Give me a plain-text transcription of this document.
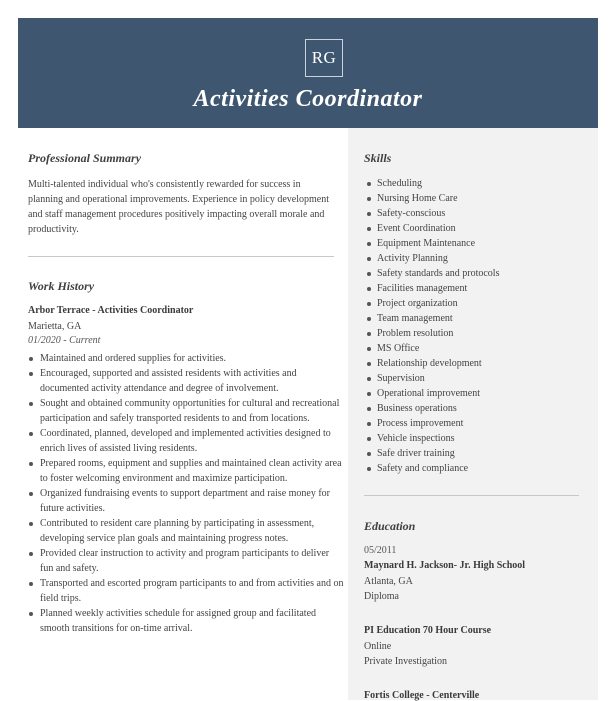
RG
Activities Coordinator
Professional Summary
Multi-talented individual who's consistently rewarded for success in planning and operational improvements. Experience in policy development and staff management procedures positively impacting overall morale and productivity.
Work History
Arbor Terrace - Activities Coordinator
Marietta, GA
01/2020 - Current
Maintained and ordered supplies for activities.
Encouraged, supported and assisted residents with activities and documented activity attendance and degree of involvement.
Sought and obtained community opportunities for cultural and recreational participation and safely transported residents to and from locations.
Coordinated, planned, developed and implemented activities designed to enrich lives of assisted living residents.
Prepared rooms, equipment and supplies and maintained clean activity area to foster welcoming environment and maximize participation.
Organized fundraising events to support department and raise money for future activities.
Contributed to resident care planning by participating in assessment, developing service plan goals and maintaining progress notes.
Provided clear instruction to activity and program participants to deliver fun and safety.
Transported and escorted program participants to and from activities and on field trips.
Planned weekly activities schedule for assigned group and facilitated smooth transitions for on-time arrival.
Skills
Scheduling
Nursing Home Care
Safety-conscious
Event Coordination
Equipment Maintenance
Activity Planning
Safety standards and protocols
Facilities management
Project organization
Team management
Problem resolution
MS Office
Relationship development
Supervision
Operational improvement
Business operations
Process improvement
Vehicle inspections
Safe driver training
Safety and compliance
Education
05/2011
Maynard H. Jackson- Jr. High School
Atlanta, GA
Diploma
PI Education 70 Hour Course
Online
Private Investigation
Fortis College - Centerville
